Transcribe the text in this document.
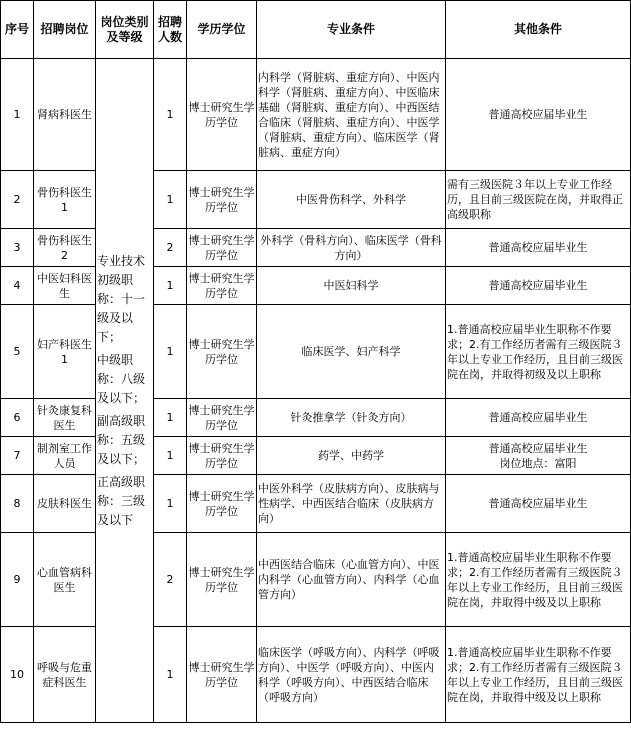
序号	招聘岗位	岗位类别及等级	招聘人数	学历学位	专业条件	其他条件
1	肾病科医生	专业技术初级职称：十一级及以下；
中级职称：八级及以下；
副高级职称：五级及以下；
正高级职称：三级及以下	1	博士研究生学历学位	内科学（肾脏病、重症方向）、中医内科学（肾脏病、重症方向）、中医临床基础（肾脏病、重症方向）、中西医结合临床（肾脏病、重症方向）、中医学（肾脏病、重症方向）、临床医学（肾脏病、重症方向）	普通高校应届毕业生
2	骨伤科医生1		1	博士研究生学历学位	中医骨伤科学、外科学	需有三级医院３年以上专业工作经历，且目前三级医院在岗，并取得正高级职称
3	骨伤科医生2		2	博士研究生学历学位	外科学（骨科方向）、临床医学（骨科方向）	普通高校应届毕业生
4	中医妇科医生		1	博士研究生学历学位	中医妇科学	普通高校应届毕业生
5	妇产科医生1		1	博士研究生学历学位	临床医学、妇产科学	1.普通高校应届毕业生职称不作要求；2.有工作经历者需有三级医院３年以上专业工作经历，且目前三级医院在岗，并取得初级及以上职称
6	针灸康复科医生		1	博士研究生学历学位	针灸推拿学（针灸方向）	普通高校应届毕业生
7	制剂室工作人员		1	博士研究生学历学位	药学、中药学	普通高校应届毕业生
岗位地点：富阳

8	皮肤科医生		1	博士研究生学历学位	中医外科学（皮肤病方向）、皮肤病与性病学、中西医结合临床（皮肤病方向）	普通高校应届毕业生
9	心血管病科医生		2	博士研究生学历学位	中西医结合临床（心血管方向）、中医内科学（心血管方向）、内科学（心血管方向）	1.普通高校应届毕业生职称不作要求；2.有工作经历者需有三级医院３年以上专业工作经历，且目前三级医院在岗，并取得中级及以上职称
10	呼吸与危重症科医生		1	博士研究生学历学位	临床医学（呼吸方向）、内科学（呼吸方向）、中医学（呼吸方向）、中医内科学（呼吸方向）、中西医结合临床（呼吸方向）	1.普通高校应届毕业生职称不作要求；2.有工作经历者需有三级医院３年以上专业工作经历，且目前三级医院在岗，并取得中级及以上职称
